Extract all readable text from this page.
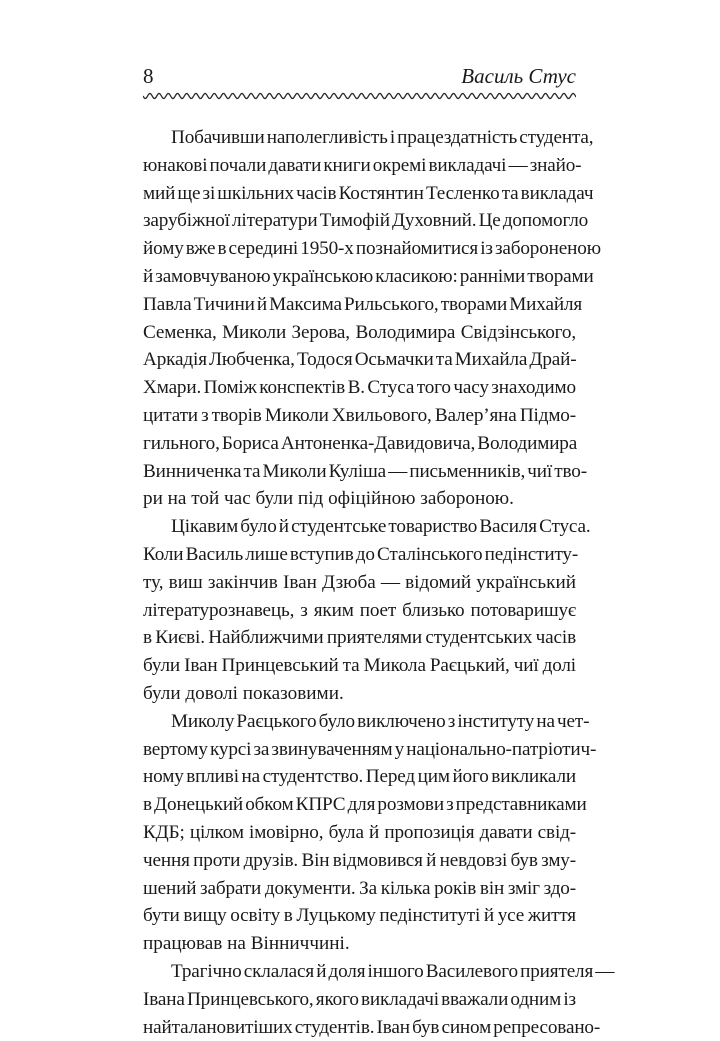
8	Василь Стус

Побачивши наполегливість і працездатність студента,
юнакові почали давати книги окремі викладачі — знайо-
мий ще зі шкільних часів Костянтин Тесленко та викладач
зарубіжної літератури Тимофій Духовний. Це допомогло
йому вже в середині 1950-х познайомитися із забороненою
й замовчуваною українською класикою: ранніми творами
Павла Тичини й Максима Рильського, творами Михайля
Семенка, Миколи Зерова, Володимира Свідзінського,
Аркадія Любченка, Тодося Осьмачки та Михайла Драй-
Хмари. Поміж конспектів В. Стуса того часу знаходимо
цитати з творів Миколи Хвильового, Валер’яна Підмо-
гильного, Бориса Антоненка-Давидовича, Володимира
Винниченка та Миколи Куліша — письменників, чиї тво-
ри на той час були під офіційною забороною.

Цікавим було й студентське товариство Василя Стуса.
Коли Василь лише вступив до Сталінського педінститу-
ту, виш закінчив Іван Дзюба — відомий український
літературознавець, з яким поет близько потоваришує
в Києві. Найближчими приятелями студентських часів
були Іван Принцевський та Микола Раєцький, чиї долі
були доволі показовими.

Миколу Раєцького було виключено з інституту на чет-
вертому курсі за звинуваченням у національно-патріотич-
ному впливі на студентство. Перед цим його викликали
в Донецький обком КПРС для розмови з представниками
КДБ; цілком імовірно, була й пропозиція давати свід-
чення проти друзів. Він відмовився й невдовзі був змy-
шений забрати документи. За кілька років він зміг здо-
бути вищу освіту в Луцькому педінституті й усе життя
працював на Вінниччині.

Трагічно склалася й доля іншого Василевого приятеля —
Івана Принцевського, якого викладачі вважали одним із
найталановитіших студентів. Іван був сином репресовано-
